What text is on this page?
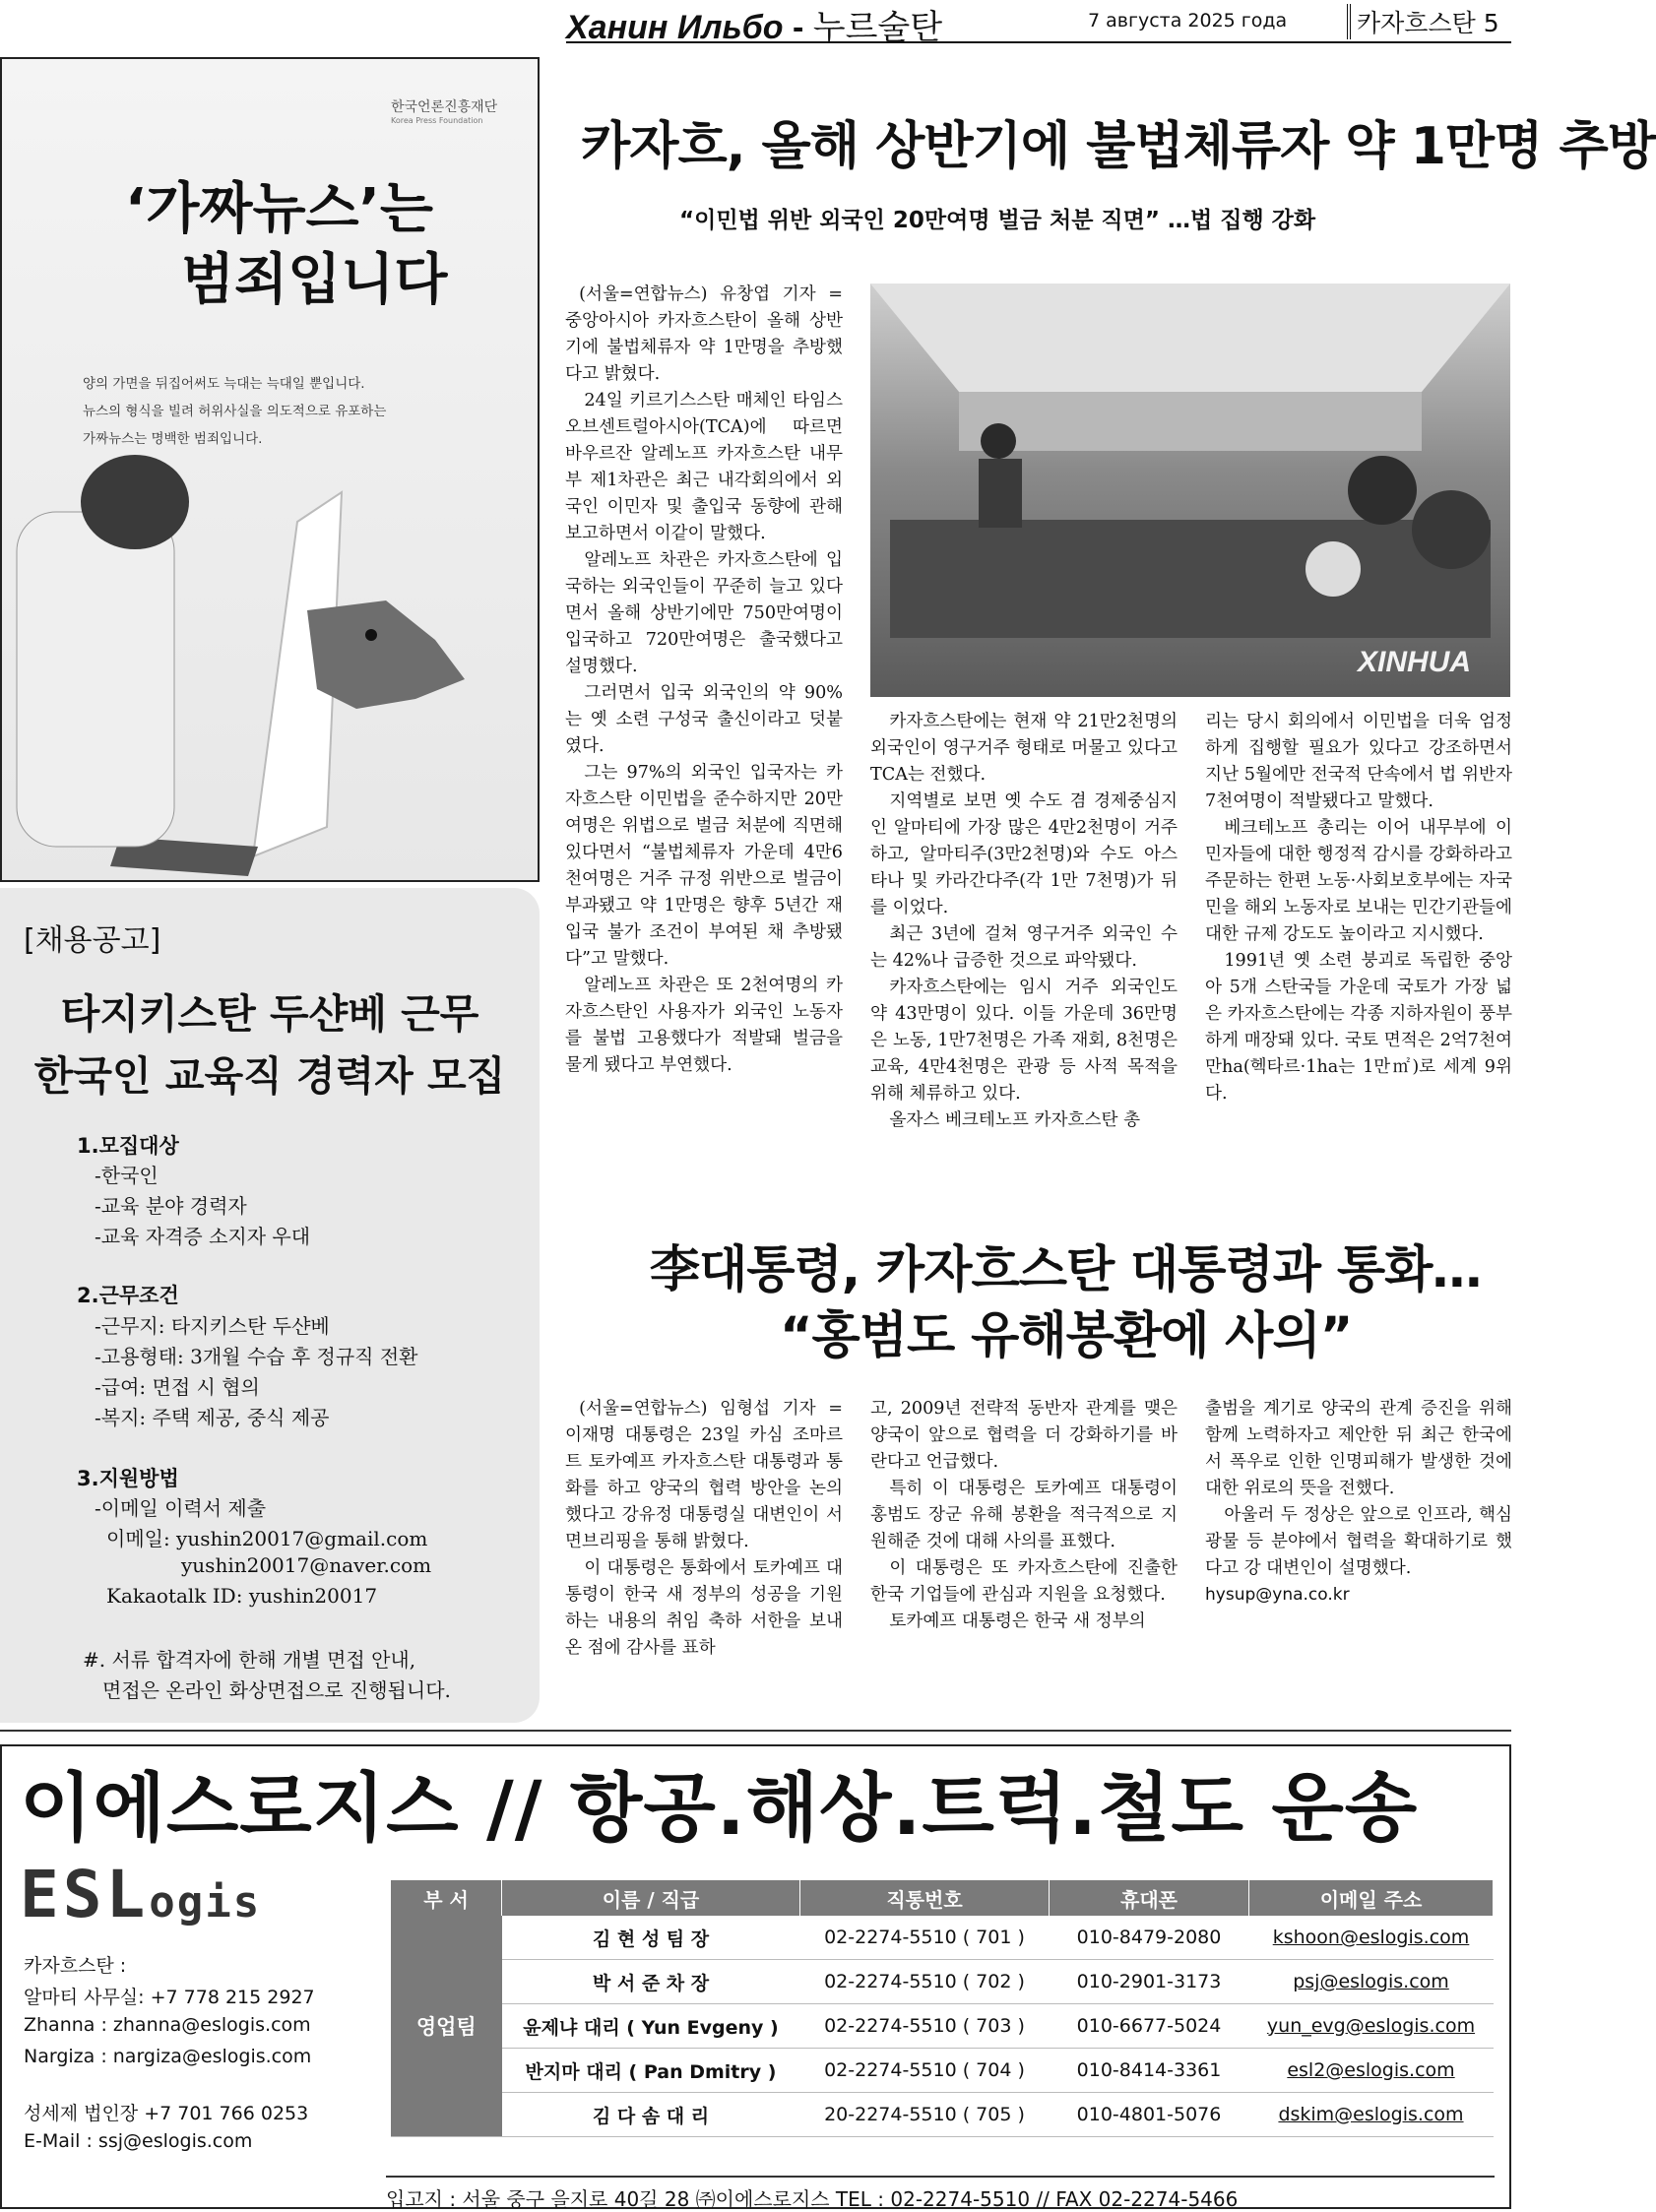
Ханин Ильбо - 누르술탄	7 августа 2025 года	카자흐스탄 5
한국언론진흥재단
Korea Press Foundation
‘가짜뉴스’는
범죄입니다
양의 가면을 뒤집어써도 늑대는 늑대일 뿐입니다.
뉴스의 형식을 빌려 허위사실을 의도적으로 유포하는
가짜뉴스는 명백한 범죄입니다.
[채용공고]
타지키스탄 두샨베 근무
한국인 교육직 경력자 모집
1.모집대상
-한국인
-교육 분야 경력자
-교육 자격증 소지자 우대
2.근무조건
-근무지: 타지키스탄 두샨베
-고용형태: 3개월 수습 후 정규직 전환
-급여: 면접 시 협의
-복지: 주택 제공, 중식 제공
3.지원방법
-이메일 이력서 제출
이메일: yushin20017@gmail.com
yushin20017@naver.com
Kakaotalk ID: yushin20017
#. 서류 합격자에 한해 개별 면접 안내,
면접은 온라인 화상면접으로 진행됩니다.
카자흐, 올해 상반기에 불법체류자 약 1만명 추방
“이민법 위반 외국인 20만여명 벌금 처분 직면” …법 집행 강화

(서울=연합뉴스) 유창엽 기자 = 중앙아시아 카자흐스탄이 올해 상반기에 불법체류자 약 1만명을 추방했다고 밝혔다.

24일 키르기스스탄 매체인 타임스오브센트럴아시아(TCA)에 따르면 바우르잔 알레노프 카자흐스탄 내무부 제1차관은 최근 내각회의에서 외국인 이민자 및 출입국 동향에 관해 보고하면서 이같이 말했다.

알레노프 차관은 카자흐스탄에 입국하는 외국인들이 꾸준히 늘고 있다면서 올해 상반기에만 750만여명이 입국하고 720만여명은 출국했다고 설명했다.

그러면서 입국 외국인의 약 90%는 옛 소련 구성국 출신이라고 덧붙였다.

그는 97%의 외국인 입국자는 카자흐스탄 이민법을 준수하지만 20만여명은 위법으로 벌금 처분에 직면해 있다면서 “불법체류자 가운데 4만6천여명은 거주 규정 위반으로 벌금이 부과됐고 약 1만명은 향후 5년간 재입국 불가 조건이 부여된 채 추방됐다”고 말했다.

알레노프 차관은 또 2천여명의 카자흐스탄인 사용자가 외국인 노동자를 불법 고용했다가 적발돼 벌금을 물게 됐다고 부연했다.

XINHUA

카자흐스탄에는 현재 약 21만2천명의 외국인이 영구거주 형태로 머물고 있다고 TCA는 전했다.

지역별로 보면 옛 수도 겸 경제중심지인 알마티에 가장 많은 4만2천명이 거주하고, 알마티주(3만2천명)와 수도 아스타나 및 카라간다주(각 1만 7천명)가 뒤를 이었다.

최근 3년에 걸쳐 영구거주 외국인 수는 42%나 급증한 것으로 파악됐다.

카자흐스탄에는 임시 거주 외국인도 약 43만명이 있다. 이들 가운데 36만명은 노동, 1만7천명은 가족 재회, 8천명은 교육, 4만4천명은 관광 등 사적 목적을 위해 체류하고 있다.

올자스 베크테노프 카자흐스탄 총

리는 당시 회의에서 이민법을 더욱 엄정하게 집행할 필요가 있다고 강조하면서 지난 5월에만 전국적 단속에서 법 위반자 7천여명이 적발됐다고 말했다.

베크테노프 총리는 이어 내무부에 이민자들에 대한 행정적 감시를 강화하라고 주문하는 한편 노동·사회보호부에는 자국민을 해외 노동자로 보내는 민간기관들에 대한 규제 강도도 높이라고 지시했다.

1991년 옛 소련 붕괴로 독립한 중앙아 5개 스탄국들 가운데 국토가 가장 넓은 카자흐스탄에는 각종 지하자원이 풍부하게 매장돼 있다. 국토 면적은 2억7천여만ha(헥타르·1ha는 1만㎡)로 세계 9위다.

李대통령, 카자흐스탄 대통령과 통화…
“홍범도 유해봉환에 사의”

(서울=연합뉴스) 임형섭 기자 = 이재명 대통령은 23일 카심 조마르트 토카예프 카자흐스탄 대통령과 통화를 하고 양국의 협력 방안을 논의했다고 강유정 대통령실 대변인이 서면브리핑을 통해 밝혔다.

이 대통령은 통화에서 토카예프 대통령이 한국 새 정부의 성공을 기원하는 내용의 취임 축하 서한을 보내온 점에 감사를 표하

고, 2009년 전략적 동반자 관계를 맺은 양국이 앞으로 협력을 더 강화하기를 바란다고 언급했다.

특히 이 대통령은 토카예프 대통령이 홍범도 장군 유해 봉환을 적극적으로 지원해준 것에 대해 사의를 표했다.

이 대통령은 또 카자흐스탄에 진출한 한국 기업들에 관심과 지원을 요청했다.

토카예프 대통령은 한국 새 정부의

출범을 계기로 양국의 관계 증진을 위해 함께 노력하자고 제안한 뒤 최근 한국에서 폭우로 인한 인명피해가 발생한 것에 대한 위로의 뜻을 전했다.

아울러 두 정상은 앞으로 인프라, 핵심 광물 등 분야에서 협력을 확대하기로 했다고 강 대변인이 설명했다.

hysup@yna.co.kr

이에스로지스 // 항공.해상.트럭.철도 운송
ESLogis
카자흐스탄 :
알마티 사무실: +7 778 215 2927
Zhanna : zhanna@eslogis.com
Nargiza : nargiza@eslogis.com
성세제 법인장 +7 701 766 0253
E-Mail : ssj@eslogis.com
부 서	이름 / 직급	직통번호	휴대폰	이메일 주소
영업팀	김 현 성 팀 장	02-2274-5510 ( 701 )	010-8479-2080	kshoon@eslogis.com
	박 서 준 차 장	02-2274-5510 ( 702 )	010-2901-3173	psj@eslogis.com
	윤제냐 대리 ( Yun Evgeny )	02-2274-5510 ( 703 )	010-6677-5024	yun_evg@eslogis.com
	반지마 대리 ( Pan Dmitry )	02-2274-5510 ( 704 )	010-8414-3361	esl2@eslogis.com
	김 다 솜 대 리	20-2274-5510 ( 705 )	010-4801-5076	dskim@eslogis.com
입고지 : 서울 중구 을지로 40길 28 ㈜이에스로지스 TEL : 02-2274-5510 // FAX 02-2274-5466
